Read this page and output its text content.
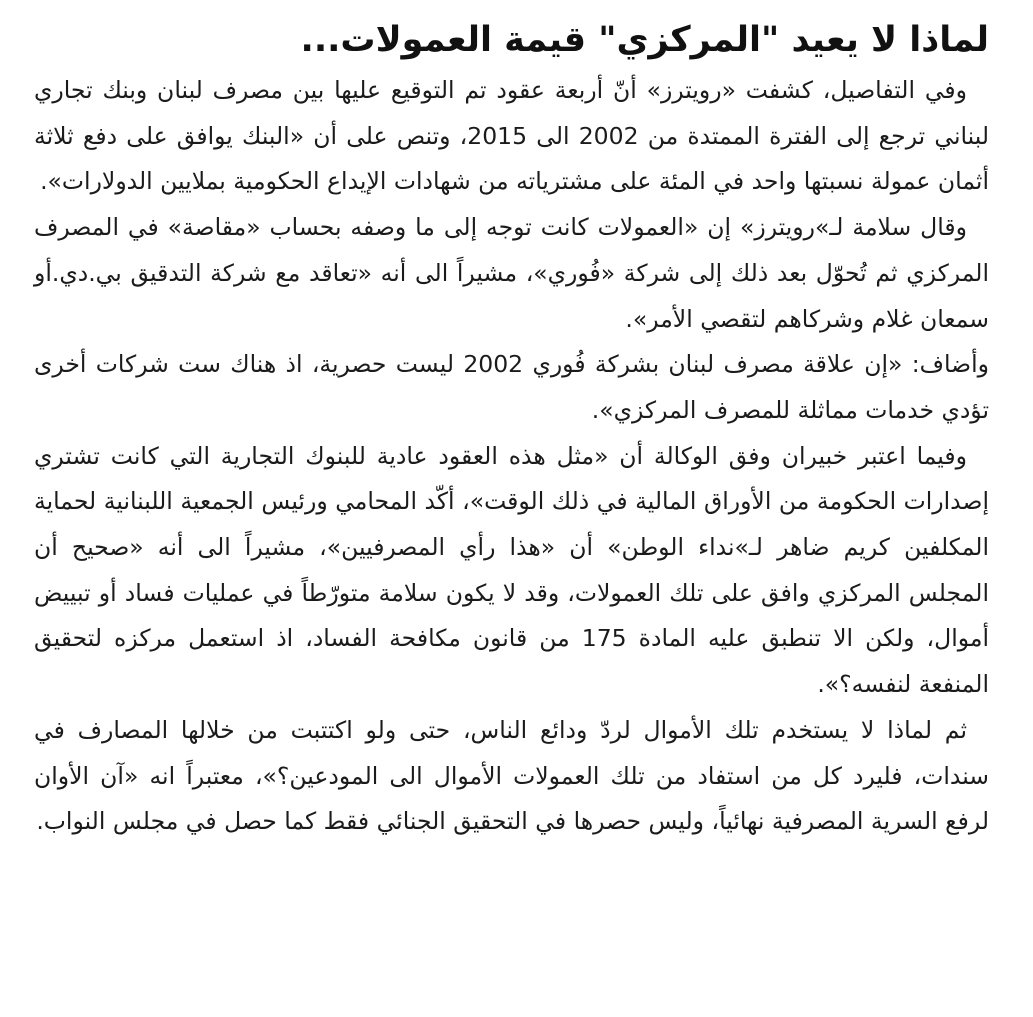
لماذا لا يعيد "المركزي" قيمة العمولات...

وفي التفاصيل، كشفت «رويترز» أنّ أربعة عقود تم التوقيع عليها بين مصرف لبنان وبنك تجاري لبناني ترجع إلى الفترة الممتدة من 2002 الى 2015، وتنص على أن «البنك يوافق على دفع ثلاثة أثمان عمولة نسبتها واحد في المئة على مشترياته من شهادات الإيداع الحكومية بملايين الدولارات».

وقال سلامة لـ»رويترز» إن «العمولات كانت توجه إلى ما وصفه بحساب «مقاصة» في المصرف المركزي ثم تُحوّل بعد ذلك إلى شركة «فُوري»، مشيراً الى أنه «تعاقد مع شركة التدقيق بي.دي.أو سمعان غلام وشركاهم لتقصي الأمر».

وأضاف: «إن علاقة مصرف لبنان بشركة فُوري 2002 ليست حصرية، اذ هناك ست شركات أخرى تؤدي خدمات مماثلة للمصرف المركزي».

وفيما اعتبر خبيران وفق الوكالة أن «مثل هذه العقود عادية للبنوك التجارية التي كانت تشتري إصدارات الحكومة من الأوراق المالية في ذلك الوقت»، أكّد المحامي ورئيس الجمعية اللبنانية لحماية المكلفين كريم ضاهر لـ»نداء الوطن» أن «هذا رأي المصرفيين»، مشيراً الى أنه «صحيح أن المجلس المركزي وافق على تلك العمولات، وقد لا يكون سلامة متورّطاً في عمليات فساد أو تبييض أموال، ولكن الا تنطبق عليه المادة 175 من قانون مكافحة الفساد، اذ استعمل مركزه لتحقيق المنفعة لنفسه؟».

ثم لماذا لا يستخدم تلك الأموال لردّ ودائع الناس، حتى ولو اكتتبت من خلالها المصارف في سندات، فليرد كل من استفاد من تلك العمولات الأموال الى المودعين؟»، معتبراً انه «آن الأوان لرفع السرية المصرفية نهائياً، وليس حصرها في التحقيق الجنائي فقط كما حصل في مجلس النواب.
